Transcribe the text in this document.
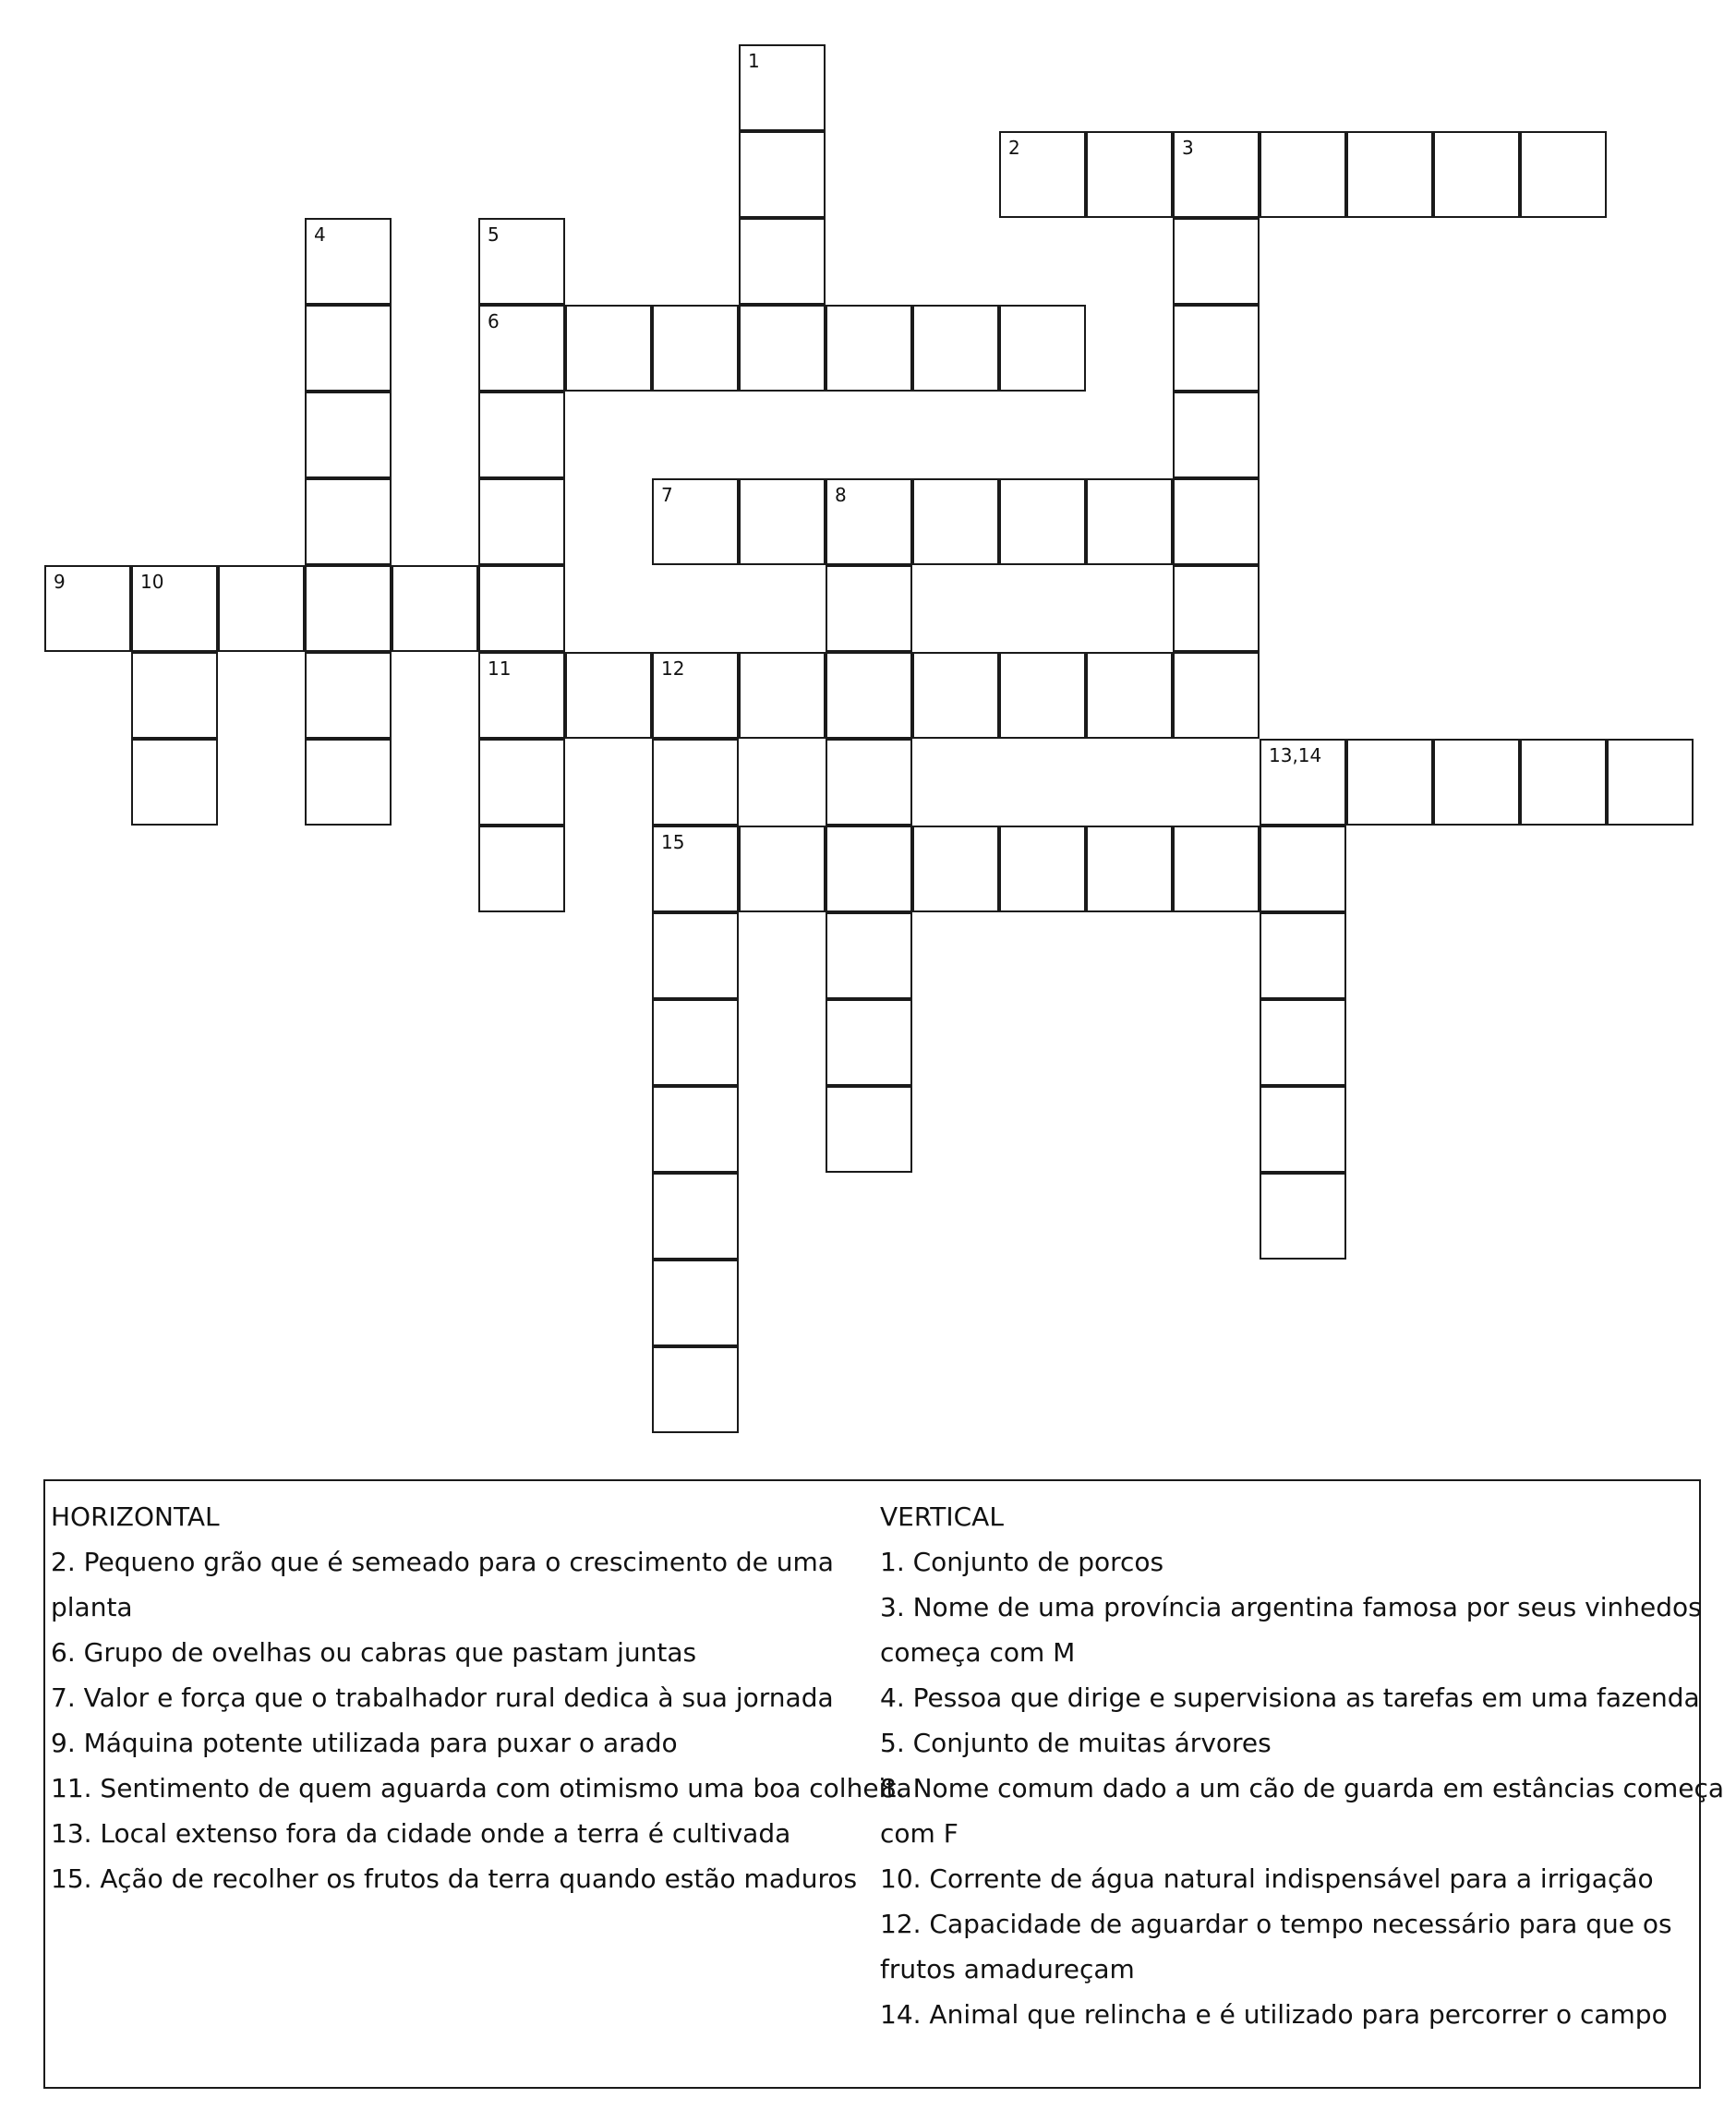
1
2	3
4	5
6
11
7	8
9	10
12
15
13,14
HORIZONTAL
2. Pequeno grão que é semeado para o crescimento de uma
planta
6. Grupo de ovelhas ou cabras que pastam juntas
7. Valor e força que o trabalhador rural dedica à sua jornada
9. Máquina potente utilizada para puxar o arado
11. Sentimento de quem aguarda com otimismo uma boa colheita
13. Local extenso fora da cidade onde a terra é cultivada
15. Ação de recolher os frutos da terra quando estão maduros
VERTICAL
1. Conjunto de porcos
3. Nome de uma província argentina famosa por seus vinhedos
começa com M
4. Pessoa que dirige e supervisiona as tarefas em uma fazenda
5. Conjunto de muitas árvores
8. Nome comum dado a um cão de guarda em estâncias começa
com F
10. Corrente de água natural indispensável para a irrigação
12. Capacidade de aguardar o tempo necessário para que os
frutos amadureçam
14. Animal que relincha e é utilizado para percorrer o campo
